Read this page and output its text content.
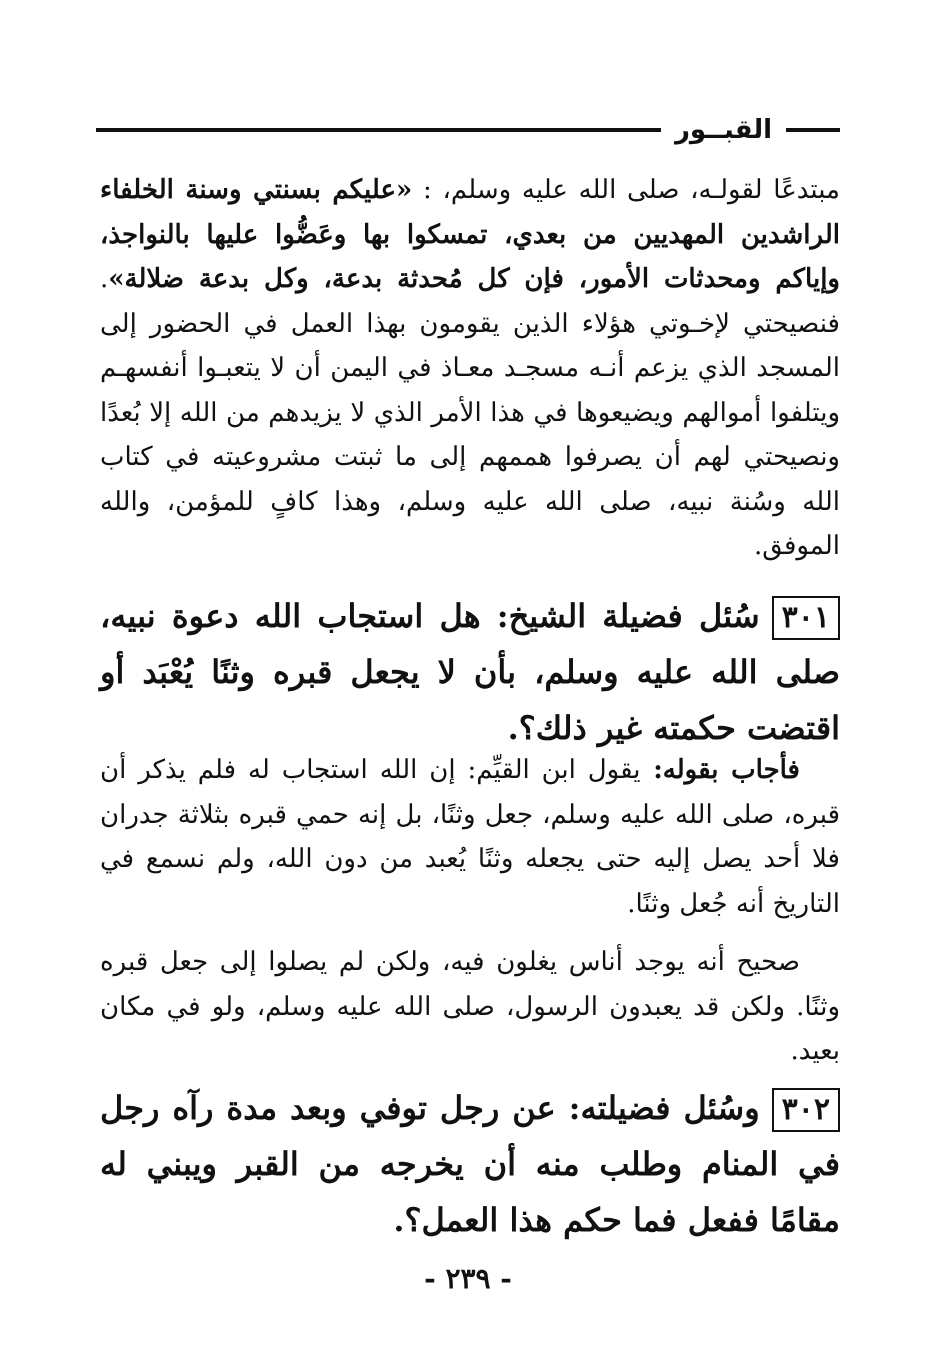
القبــور
مبتدعًا لقولـه، صلى الله عليه وسلم، : «عليكم بسنتي وسنة الخلفاء الراشدين المهديين من بعدي، تمسكوا بها وعَضُّوا عليها بالنواجذ، وإياكم ومحدثات الأمور، فإن كل مُحدثة بدعة، وكل بدعة ضلالة». فنصيحتي لإخـوتي هؤلاء الذين يقومون بهذا العمل في الحضور إلى المسجد الذي يزعم أنـه مسجـد معـاذ في اليمن أن لا يتعبـوا أنفسهـم ويتلفوا أموالهم ويضيعوها في هذا الأمر الذي لا يزيدهم من الله إلا بُعدًا ونصيحتي لهم أن يصرفوا هممهم إلى ما ثبتت مشروعيته في كتاب الله وسُنة نبيه، صلى الله عليه وسلم، وهذا كافٍ للمؤمن، والله الموفق.
٣٠١سُئل فضيلة الشيخ: هل استجاب الله دعوة نبيه، صلى الله عليه وسلم، بأن لا يجعل قبره وثنًا يُعْبَد أو اقتضت حكمته غير ذلك؟.
فأجاب بقوله: يقول ابن القيِّم: إن الله استجاب له فلم يذكر أن قبره، صلى الله عليه وسلم، جعل وثنًا، بل إنه حمي قبره بثلاثة جدران فلا أحد يصل إليه حتى يجعله وثنًا يُعبد من دون الله، ولم نسمع في التاريخ أنه جُعل وثنًا.
صحيح أنه يوجد أناس يغلون فيه، ولكن لم يصلوا إلى جعل قبره وثنًا. ولكن قد يعبدون الرسول، صلى الله عليه وسلم، ولو في مكان بعيد.
٣٠٢وسُئل فضيلته: عن رجل توفي وبعد مدة رآه رجل في المنام وطلب منه أن يخرجه من القبر ويبني له مقامًا ففعل فما حكم هذا العمل؟.
- ٢٣٩ -
